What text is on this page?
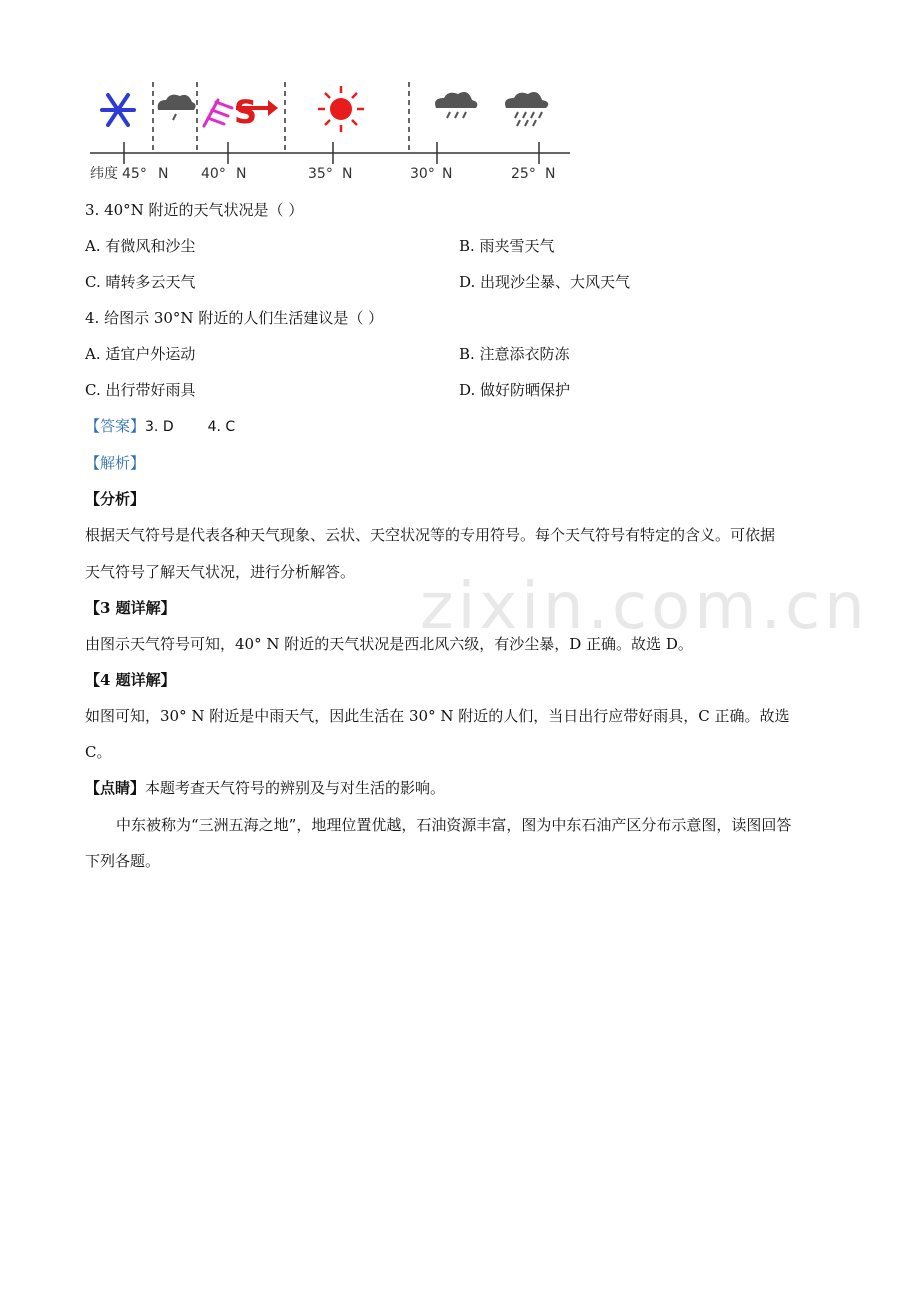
zixin.com.cn
S
纬度 45° N 40° N	35° N	30° N	25° N
3. 40°N 附近的天气状况是（ ）
A. 有微风和沙尘	B. 雨夹雪天气
C. 晴转多云天气	D. 出现沙尘暴、大风天气
4. 给图示 30°N 附近的人们生活建议是（ ）
A. 适宜户外运动	B. 注意添衣防冻
C. 出行带好雨具	D. 做好防晒保护
【答案】3. D 4. C
【解析】
【分析】
根据天气符号是代表各种天气现象、云状、天空状况等的专用符号。每个天气符号有特定的含义。可依据
天气符号了解天气状况，进行分析解答。
【3 题详解】
由图示天气符号可知，40° N 附近的天气状况是西北风六级，有沙尘暴，D 正确。故选 D。
【4 题详解】
如图可知，30° N 附近是中雨天气，因此生活在 30° N 附近的人们，当日出行应带好雨具，C 正确。故选
C。
【点睛】本题考查天气符号的辨别及与对生活的影响。
中东被称为“三洲五海之地”，地理位置优越，石油资源丰富，图为中东石油产区分布示意图，读图回答
下列各题。
